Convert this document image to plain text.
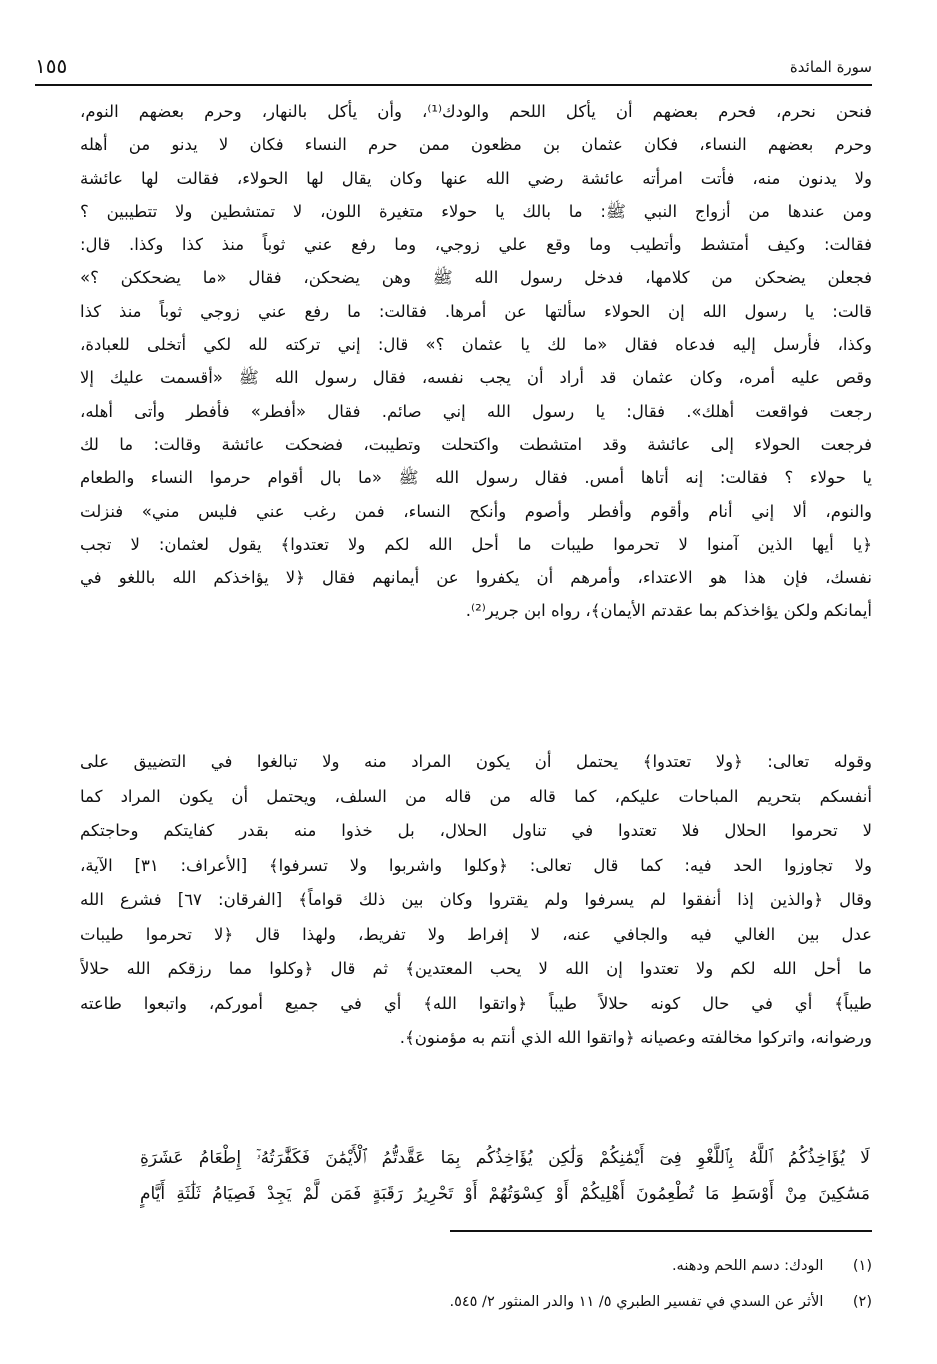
سورة المائدة
١٥٥
فنحن نحرم، فحرم بعضهم أن يأكل اللحم والودك⁽¹⁾، وأن يأكل بالنهار، وحرم بعضهم النوم،
وحرم بعضهم النساء، فكان عثمان بن مظعون ممن حرم النساء فكان لا يدنو من أهله
ولا يدنون منه، فأتت امرأته عائشة رضي الله عنها وكان يقال لها الحولاء، فقالت لها عائشة
ومن عندها من أزواج النبي ﷺ: ما بالك يا حولاء متغيرة اللون، لا تمتشطين ولا تتطيبين ؟
فقالت: وكيف أمتشط وأتطيب وما وقع علي زوجي، وما رفع عني ثوباً منذ كذا وكذا. قال:
فجعلن يضحكن من كلامها، فدخل رسول الله ﷺ وهن يضحكن، فقال «ما يضحككن ؟»
قالت: يا رسول الله إن الحولاء سألتها عن أمرها. فقالت: ما رفع عني زوجي ثوباً منذ كذا
وكذا، فأرسل إليه فدعاه فقال «ما لك يا عثمان ؟» قال: إني تركته لله لكي أتخلى للعبادة،
وقص عليه أمره، وكان عثمان قد أراد أن يجب نفسه، فقال رسول الله ﷺ «أقسمت عليك إلا
رجعت فواقعت أهلك». فقال: يا رسول الله إني صائم. فقال «أفطر» فأفطر وأتى أهله،
فرجعت الحولاء إلى عائشة وقد امتشطت واكتحلت وتطيبت، فضحكت عائشة وقالت: ما لك
يا حولاء ؟ فقالت: إنه أتاها أمس. فقال رسول الله ﷺ «ما بال أقوام حرموا النساء والطعام
والنوم، ألا إني أنام وأقوم وأفطر وأصوم وأنكح النساء، فمن رغب عني فليس مني» فنزلت
﴿يا أيها الذين آمنوا لا تحرموا طيبات ما أحل الله لكم ولا تعتدوا﴾ يقول لعثمان: لا تجب
نفسك، فإن هذا هو الاعتداء، وأمرهم أن يكفروا عن أيمانهم فقال ﴿لا يؤاخذكم الله باللغو في
أيمانكم ولكن يؤاخذكم بما عقدتم الأيمان﴾، رواه ابن جرير⁽²⁾.
وقوله تعالى: ﴿ولا تعتدوا﴾ يحتمل أن يكون المراد منه ولا تبالغوا في التضييق على
أنفسكم بتحريم المباحات عليكم، كما قاله من قاله من السلف، ويحتمل أن يكون المراد كما
لا تحرموا الحلال فلا تعتدوا في تناول الحلال، بل خذوا منه بقدر كفايتكم وحاجتكم
ولا تجاوزوا الحد فيه: كما قال تعالى: ﴿وكلوا واشربوا ولا تسرفوا﴾ [الأعراف: ٣١] الآية،
وقال ﴿والذين إذا أنفقوا لم يسرفوا ولم يقتروا وكان بين ذلك قواماً﴾ [الفرقان: ٦٧] فشرع الله
عدل بين الغالي فيه والجافي عنه، لا إفراط ولا تفريط، ولهذا قال ﴿لا تحرموا طيبات
ما أحل الله لكم ولا تعتدوا إن الله لا يحب المعتدين﴾ ثم قال ﴿وكلوا مما رزقكم الله حلالاً
طيباً﴾ أي في حال كونه حلالاً طيباً ﴿واتقوا الله﴾ أي في جميع أموركم، واتبعوا طاعته
ورضوانه، واتركوا مخالفته وعصيانه ﴿واتقوا الله الذي أنتم به مؤمنون﴾.
لَا يُؤَاخِذُكُمُ ٱللَّهُ بِٱللَّغْوِ فِىٓ أَيْمَٰنِكُمْ وَلَٰكِن يُؤَاخِذُكُم بِمَا عَقَّدتُّمُ ٱلْأَيْمَٰنَ فَكَفَّٰرَتُهُۥٓ إِطْعَامُ عَشَرَةِ
مَسَٰكِينَ مِنْ أَوْسَطِ مَا تُطْعِمُونَ أَهْلِيكُمْ أَوْ كِسْوَتُهُمْ أَوْ تَحْرِيرُ رَقَبَةٍ فَمَن لَّمْ يَجِدْ فَصِيَامُ ثَلَٰثَةِ أَيَّامٍ
(١) الودك: دسم اللحم ودهنه.
(٢) الأثر عن السدي في تفسير الطبري ٥/ ١١ والدر المنثور ٢/ ٥٤٥.
